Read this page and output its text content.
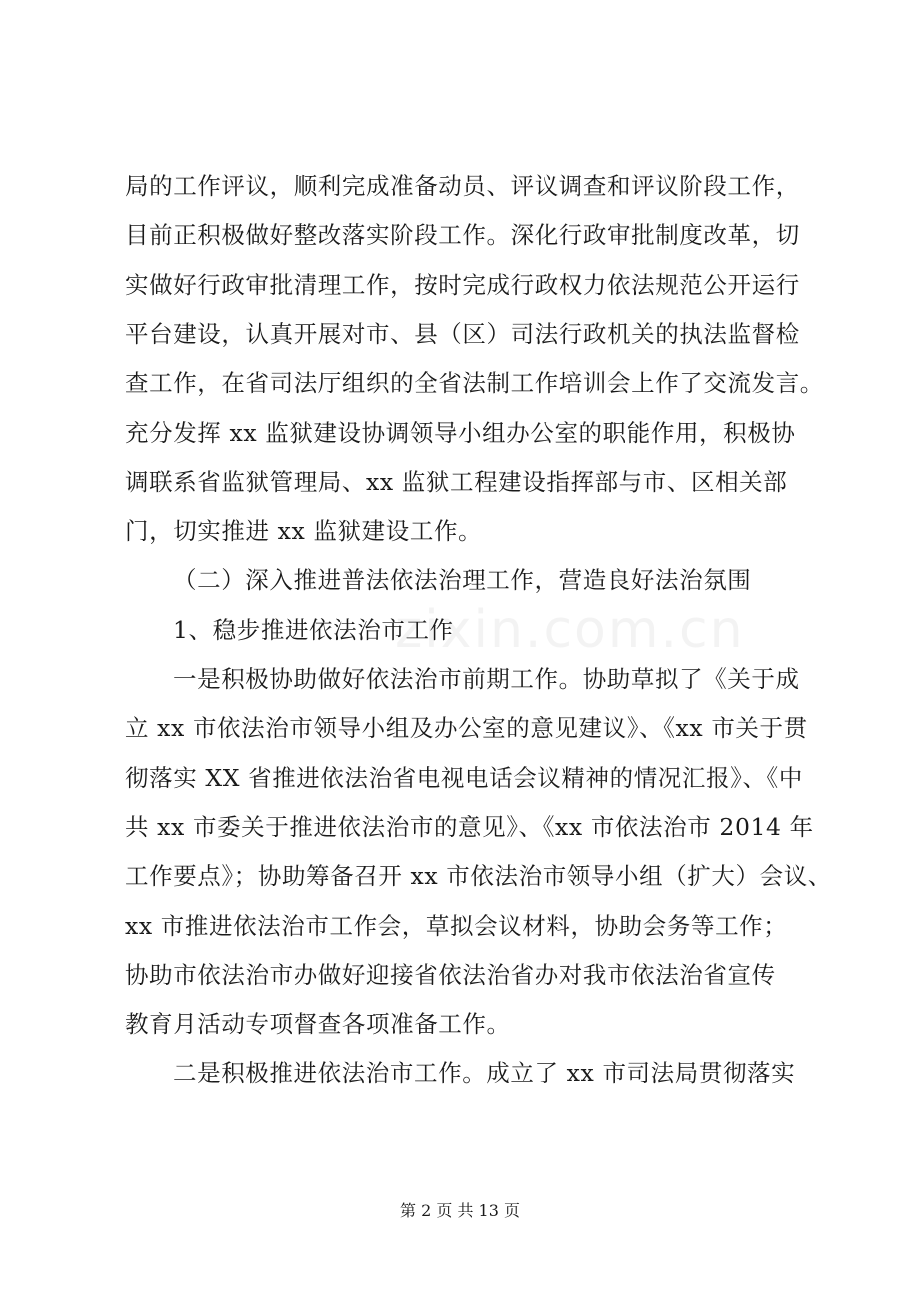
zixin.com.cn
局的工作评议，顺利完成准备动员、评议调查和评议阶段工作，
目前正积极做好整改落实阶段工作。深化行政审批制度改革，切
实做好行政审批清理工作，按时完成行政权力依法规范公开运行
平台建设，认真开展对市、县（区）司法行政机关的执法监督检
查工作，在省司法厅组织的全省法制工作培训会上作了交流发言。
充分发挥 xx 监狱建设协调领导小组办公室的职能作用，积极协
调联系省监狱管理局、xx 监狱工程建设指挥部与市、区相关部
门，切实推进 xx 监狱建设工作。
（二）深入推进普法依法治理工作，营造良好法治氛围
1、稳步推进依法治市工作
一是积极协助做好依法治市前期工作。协助草拟了《关于成
立 xx 市依法治市领导小组及办公室的意见建议》、《xx 市关于贯
彻落实 XX 省推进依法治省电视电话会议精神的情况汇报》、《中
共 xx 市委关于推进依法治市的意见》、《xx 市依法治市 2014 年
工作要点》；协助筹备召开 xx 市依法治市领导小组（扩大）会议、
xx 市推进依法治市工作会，草拟会议材料，协助会务等工作；
协助市依法治市办做好迎接省依法治省办对我市依法治省宣传
教育月活动专项督查各项准备工作。
二是积极推进依法治市工作。成立了 xx 市司法局贯彻落实
第 2 页 共 13 页
